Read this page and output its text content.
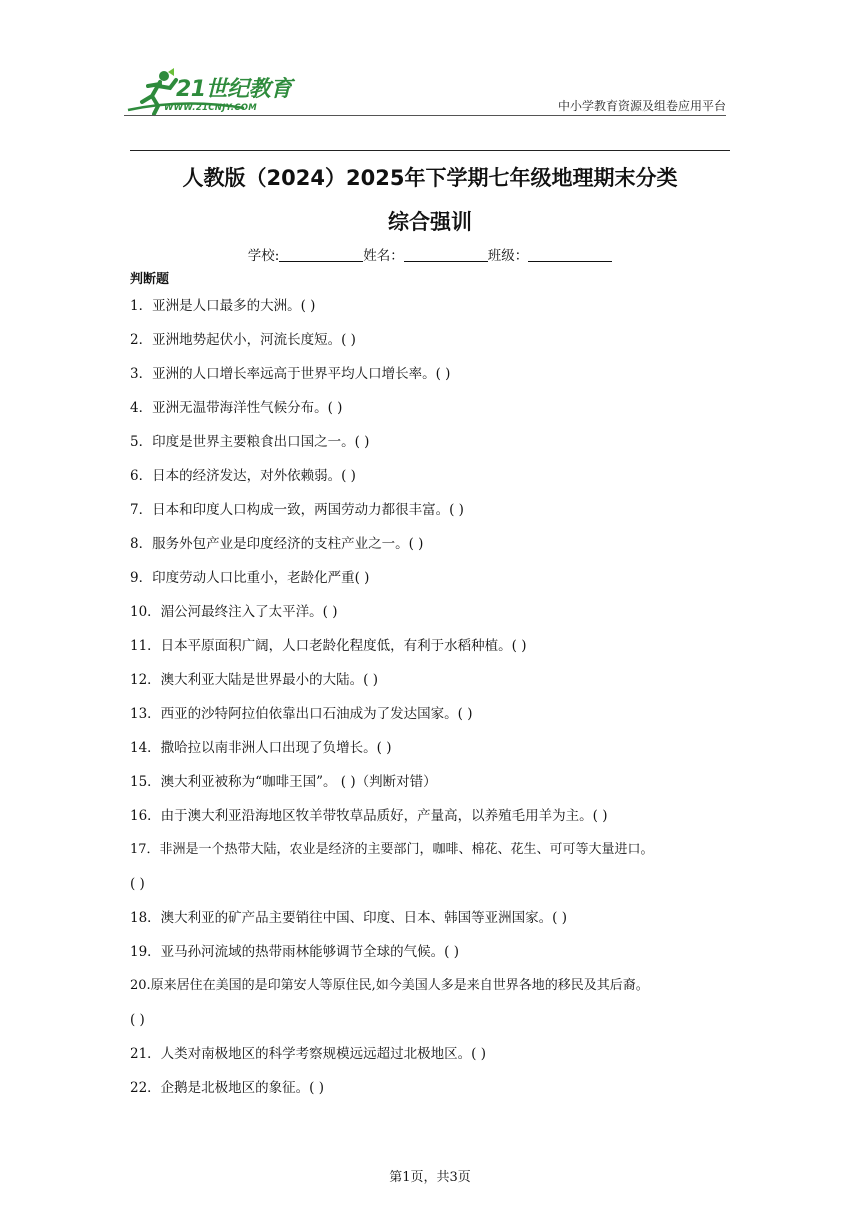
21世纪教育
WWW.21CNJY.COM	中小学教育资源及组卷应用平台
人教版（2024）2025年下学期七年级地理期末分类
综合强训
学校:	姓名：	班级：
判断题
1．亚洲是人口最多的大洲。( )
2．亚洲地势起伏小，河流长度短。( )
3．亚洲的人口增长率远高于世界平均人口增长率。( )
4．亚洲无温带海洋性气候分布。( )
5．印度是世界主要粮食出口国之一。( )
6．日本的经济发达，对外依赖弱。( )
7．日本和印度人口构成一致，两国劳动力都很丰富。( )
8．服务外包产业是印度经济的支柱产业之一。( )
9．印度劳动人口比重小，老龄化严重( )
10．湄公河最终注入了太平洋。( )
11．日本平原面积广阔，人口老龄化程度低，有利于水稻种植。( )
12．澳大利亚大陆是世界最小的大陆。( )
13．西亚的沙特阿拉伯依靠出口石油成为了发达国家。( )
14．撒哈拉以南非洲人口出现了负增长。( )
15．澳大利亚被称为“咖啡王国”。 ( )（判断对错）
16．由于澳大利亚沿海地区牧羊带牧草品质好，产量高，以养殖毛用羊为主。( )
17．非洲是一个热带大陆，农业是经济的主要部门，咖啡、棉花、花生、可可等大量进口。
( )
18．澳大利亚的矿产品主要销往中国、印度、日本、韩国等亚洲国家。( )
19．亚马孙河流域的热带雨林能够调节全球的气候。( )
20.原来居住在美国的是印第安人等原住民,如今美国人多是来自世界各地的移民及其后裔。
( )
21．人类对南极地区的科学考察规模远远超过北极地区。( )
22．企鹅是北极地区的象征。( )
第1页，共3页
